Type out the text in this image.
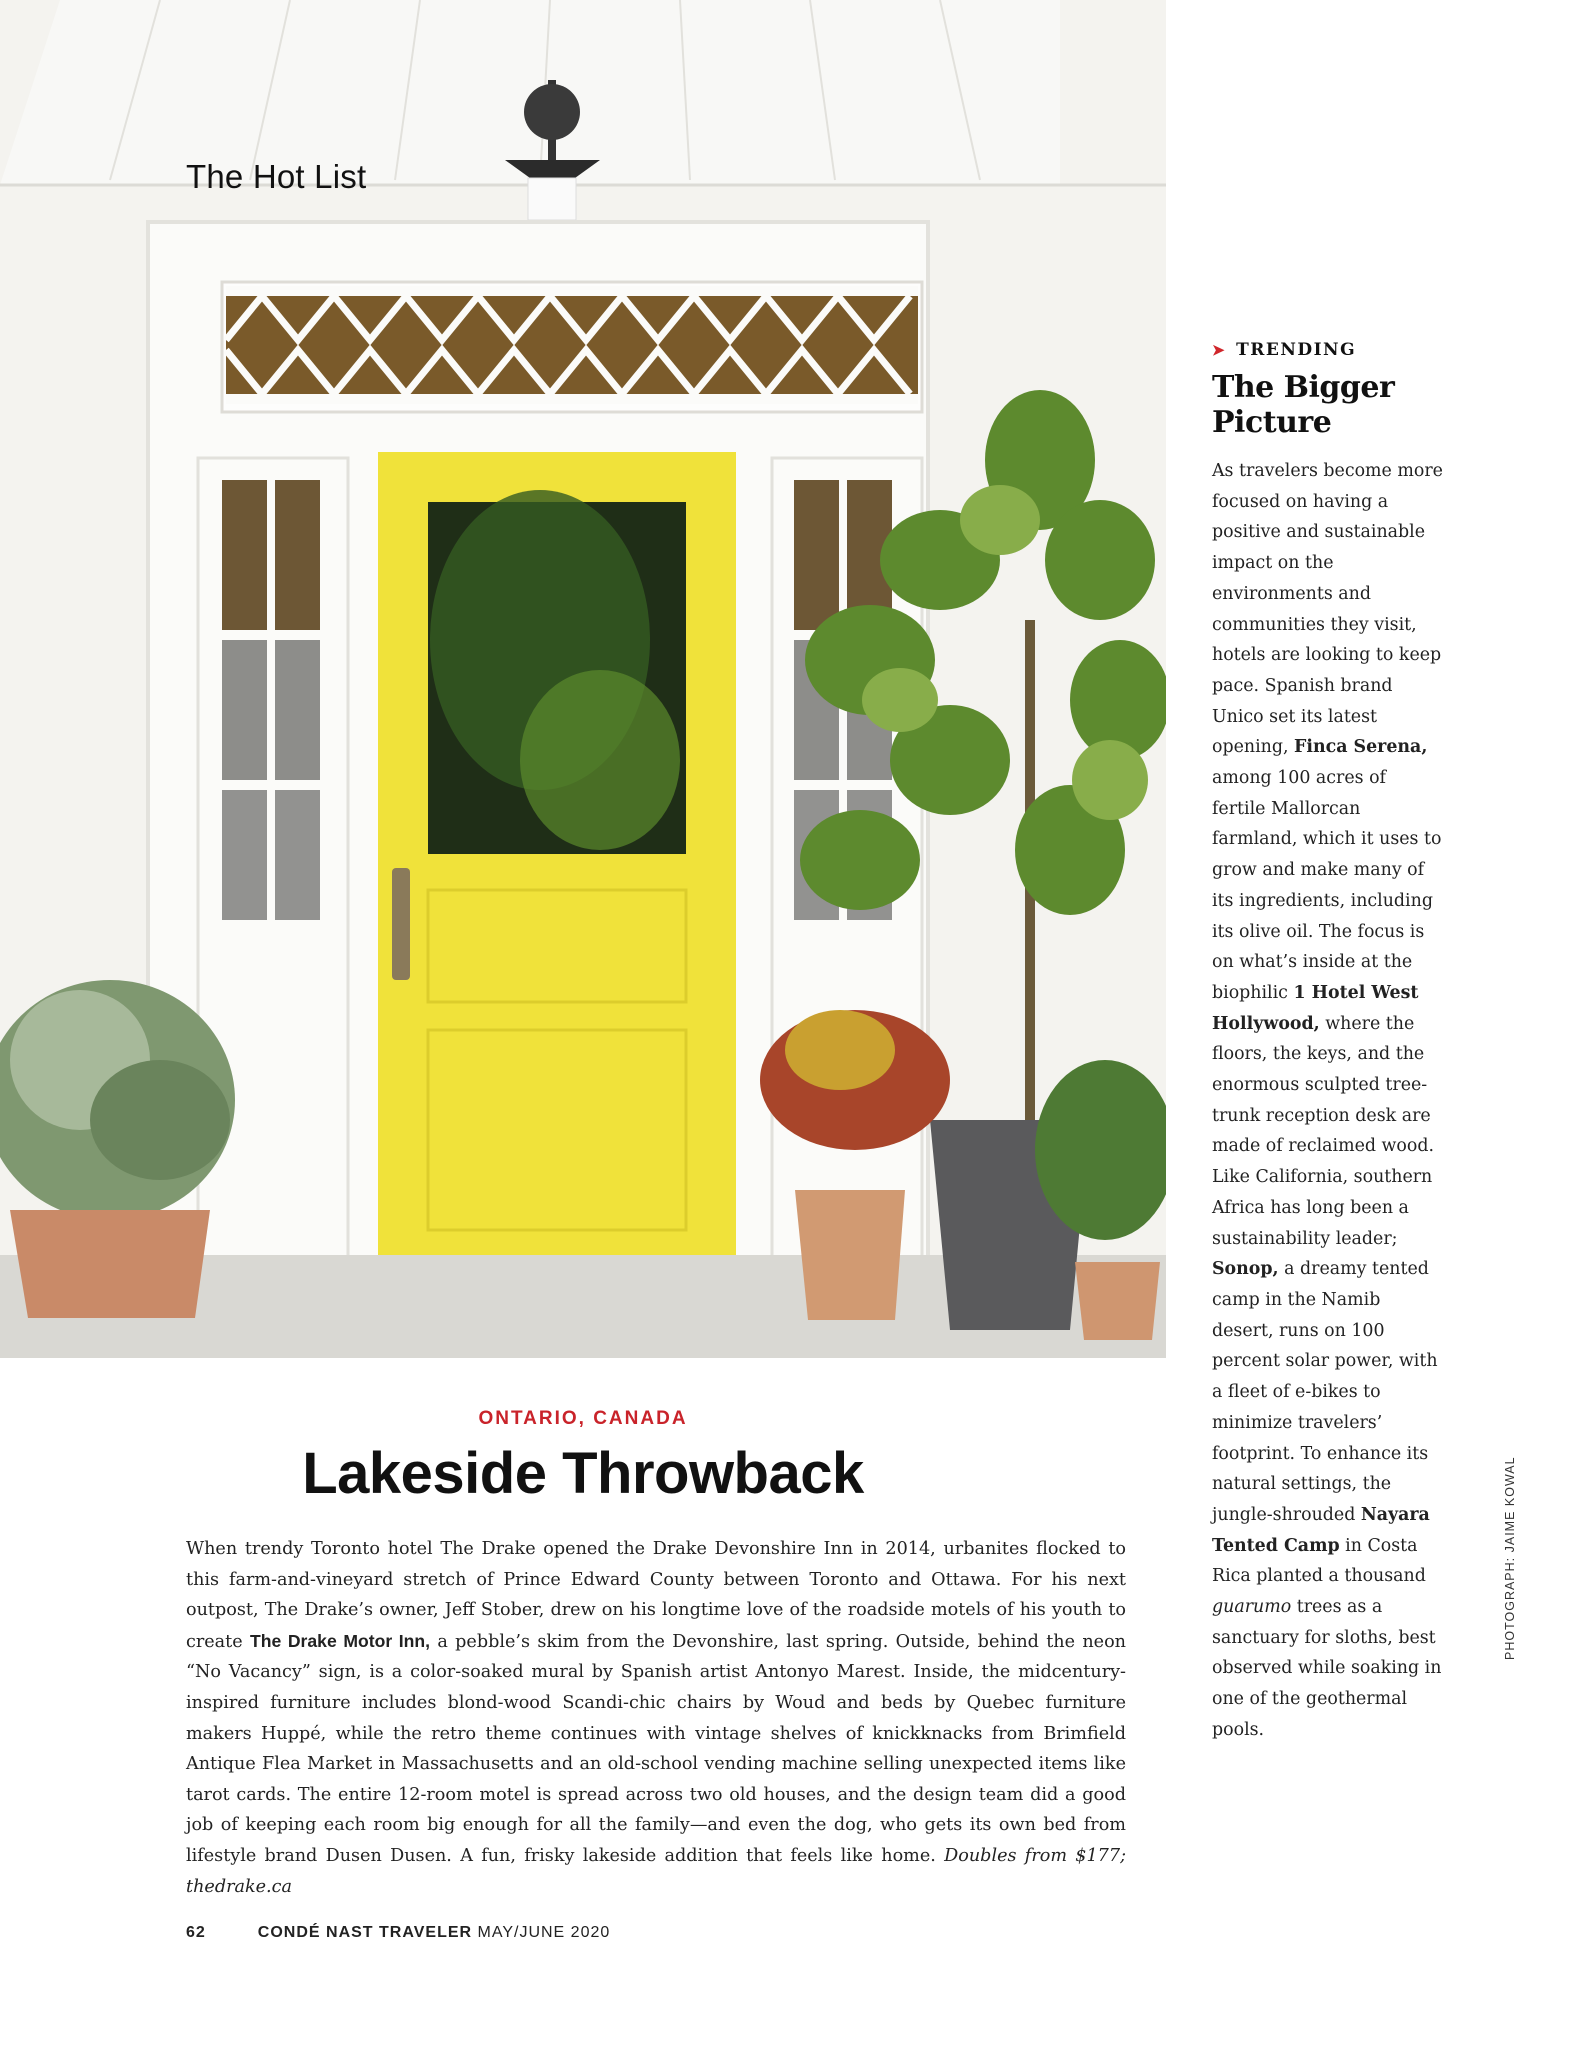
The Hot List
➤ TRENDING
The Bigger
Picture
As travelers become more focused on having a positive and sustainable impact on the environments and communities they visit, hotels are looking to keep pace. Spanish brand Unico set its latest opening, Finca Serena, among 100 acres of fertile Mallorcan farmland, which it uses to grow and make many of its ingredients, including its olive oil. The focus is on what’s inside at the biophilic 1 Hotel West Hollywood, where the floors, the keys, and the enormous sculpted tree-trunk reception desk are made of reclaimed wood. Like California, southern Africa has long been a sustainability leader; Sonop, a dreamy tented camp in the Namib desert, runs on 100 percent solar power, with a fleet of e-bikes to minimize travelers’ footprint. To enhance its natural settings, the jungle-shrouded Nayara Tented Camp in Costa Rica planted a thousand guarumo trees as a sanctuary for sloths, best observed while soaking in one of the geothermal pools.
PHOTOGRAPH: JAIME KOWAL
ONTARIO, CANADA
Lakeside Throwback
When trendy Toronto hotel The Drake opened the Drake Devonshire Inn in 2014, urbanites flocked to this farm-and-vineyard stretch of Prince Edward County between Toronto and Ottawa. For his next outpost, The Drake’s owner, Jeff Stober, drew on his longtime love of the roadside motels of his youth to create The Drake Motor Inn, a pebble’s skim from the Devonshire, last spring. Outside, behind the neon “No Vacancy” sign, is a color-soaked mural by Spanish artist Antonyo Marest. Inside, the midcentury-inspired furniture includes blond-wood Scandi-chic chairs by Woud and beds by Quebec furniture makers Huppé, while the retro theme continues with vintage shelves of knickknacks from Brimfield Antique Flea Market in Massachusetts and an old-school vending machine selling unexpected items like tarot cards. The entire 12-room motel is spread across two old houses, and the design team did a good job of keeping each room big enough for all the family—and even the dog, who gets its own bed from lifestyle brand Dusen Dusen. A fun, frisky lakeside addition that feels like home. Doubles from $177; thedrake.ca
62	CONDÉ NAST TRAVELER MAY/JUNE 2020
